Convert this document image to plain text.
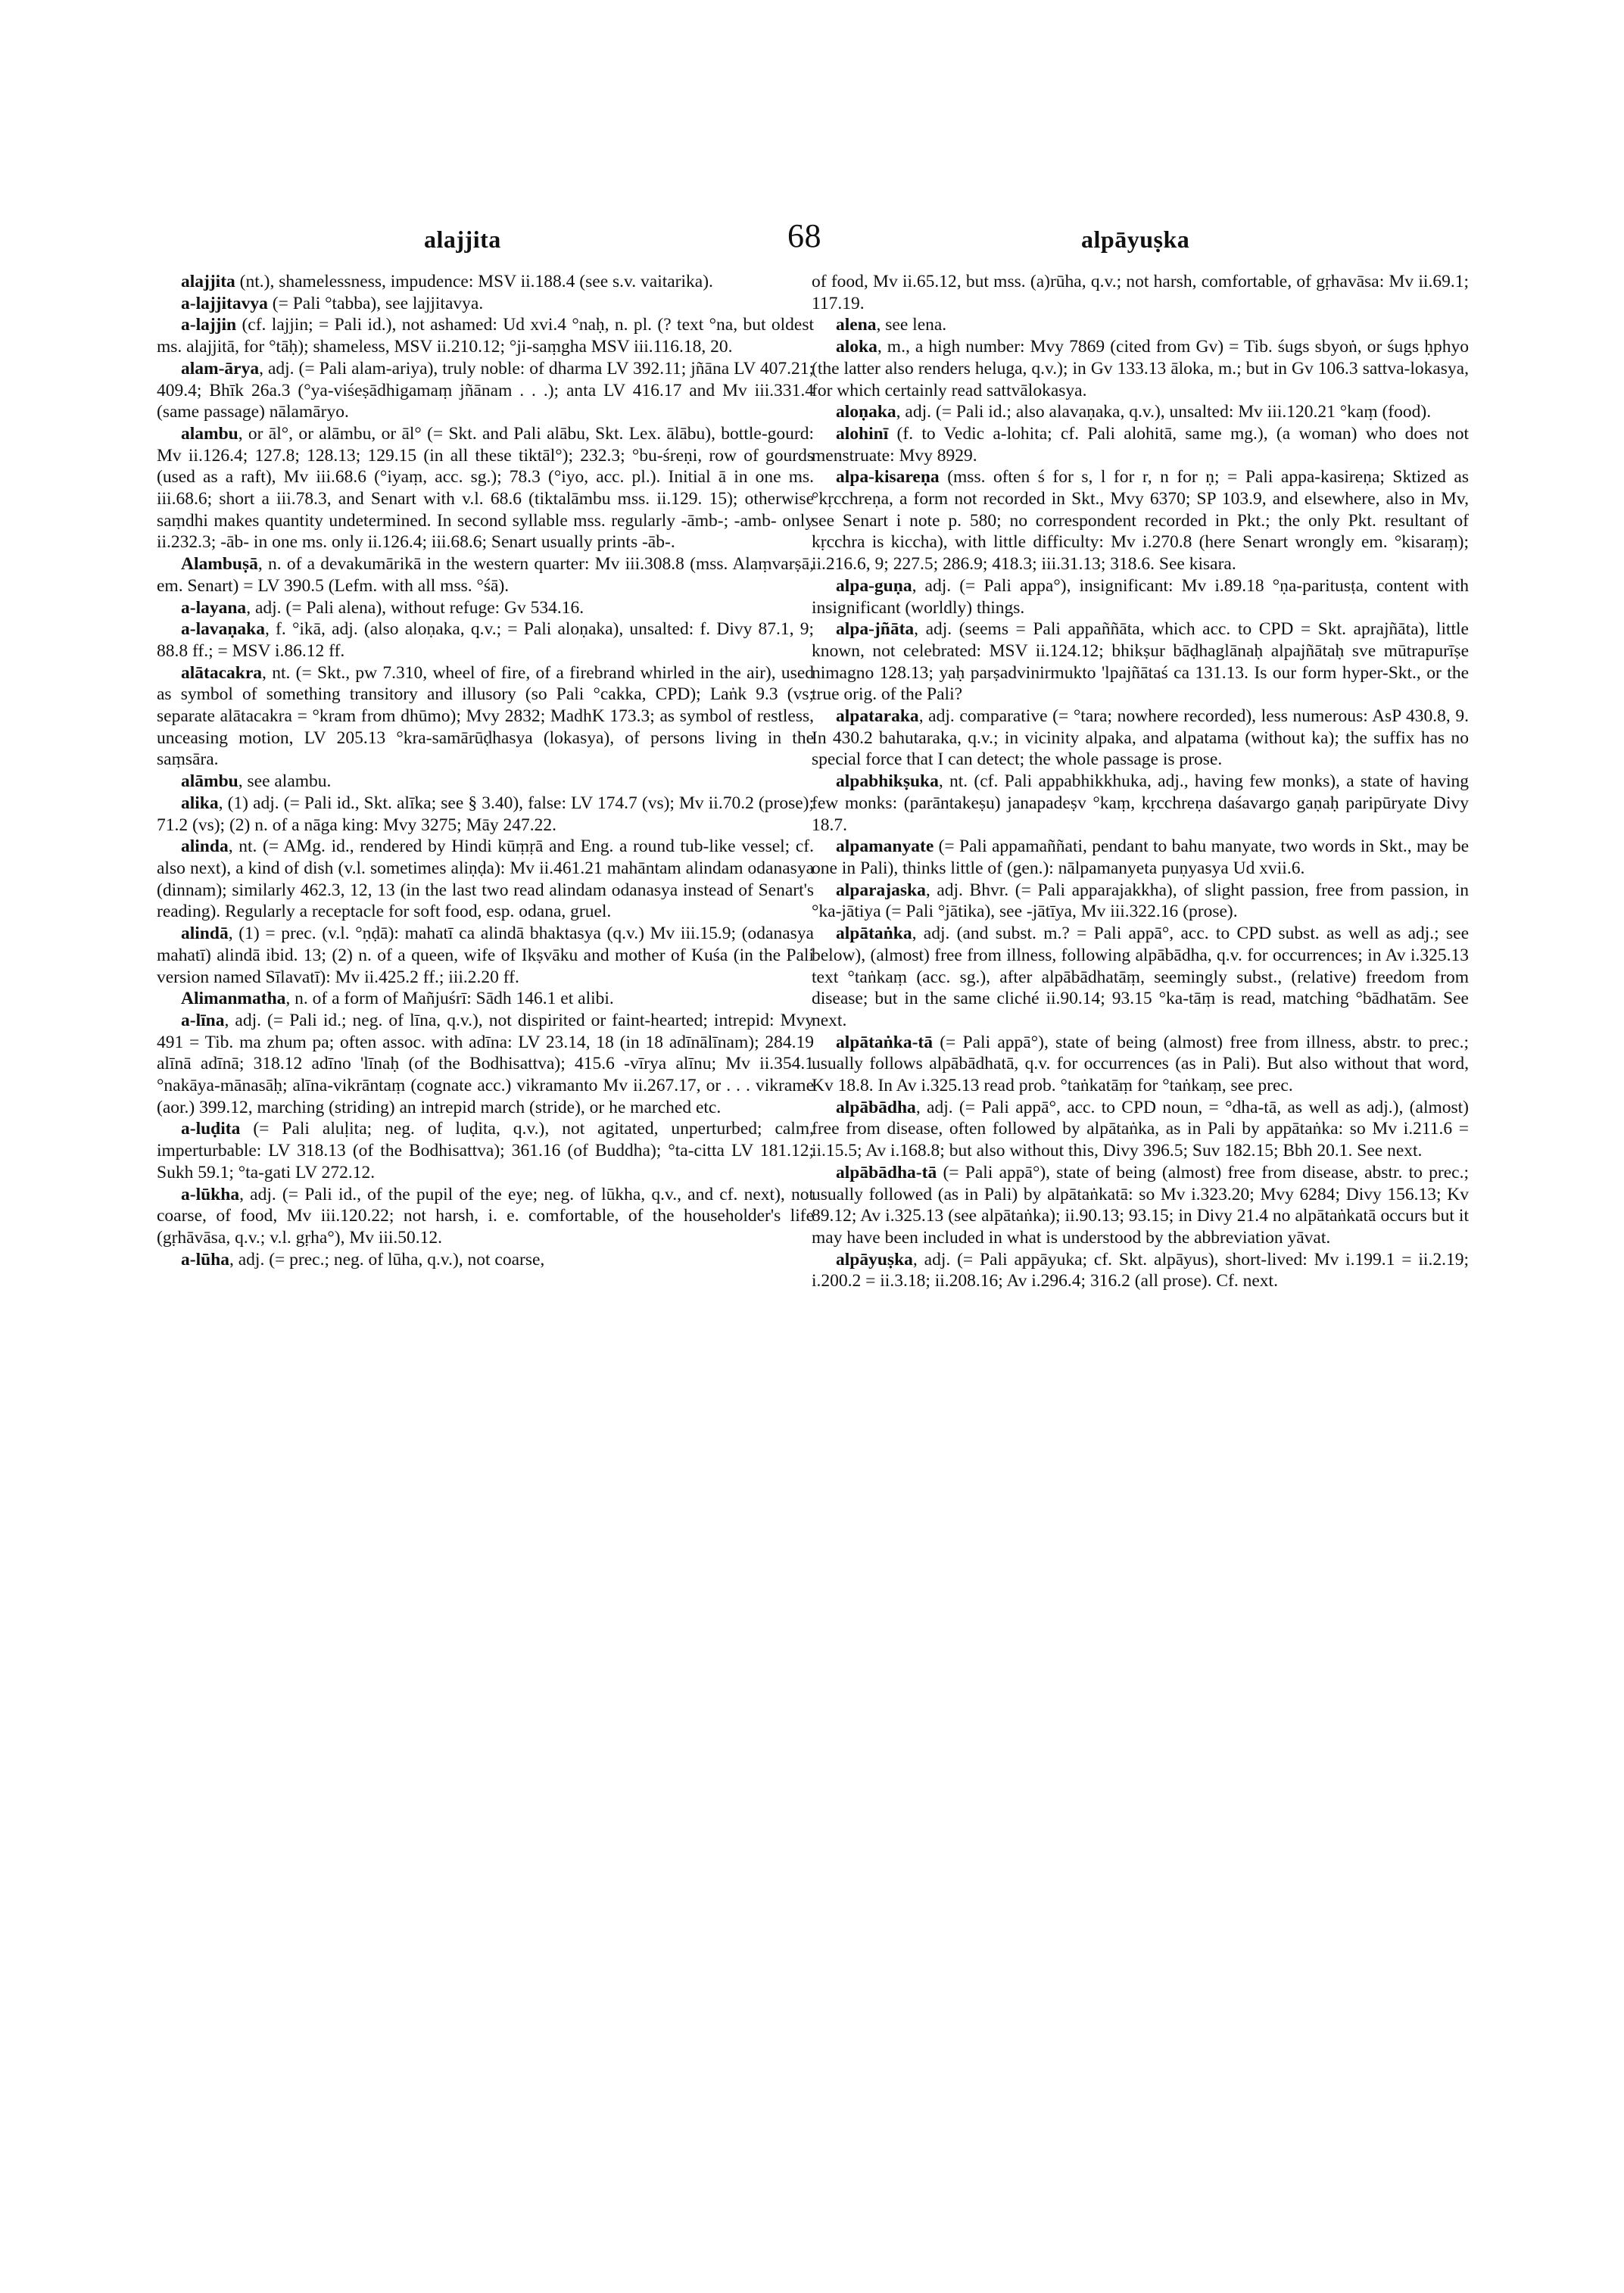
alajjita	68	alpāyuṣka

alajjita (nt.), shamelessness, impudence: MSV ii.188.4 (see s.v. vaitarika).

a-lajjitavya (= Pali °tabba), see lajjitavya.

a-lajjin (cf. lajjin; = Pali id.), not ashamed: Ud xvi.4 °naḥ, n. pl. (? text °na, but oldest ms. alajjitā, for °tāḥ); shameless, MSV ii.210.12; °ji-saṃgha MSV iii.116.18, 20.

alam-ārya, adj. (= Pali alam-ariya), truly noble: of dharma LV 392.11; jñāna LV 407.21; 409.4; Bhīk 26a.3 (°ya-viśeṣādhigamaṃ jñānam . . .); anta LV 416.17 and Mv iii.331.4 (same passage) nālamāryo.

alambu, or āl°, or alāmbu, or āl° (= Skt. and Pali alābu, Skt. Lex. ālābu), bottle-gourd: Mv ii.126.4; 127.8; 128.13; 129.15 (in all these tiktāl°); 232.3; °bu-śreṇi, row of gourds (used as a raft), Mv iii.68.6 (°iyaṃ, acc. sg.); 78.3 (°iyo, acc. pl.). Initial ā in one ms. iii.68.6; short a iii.78.3, and Senart with v.l. 68.6 (tiktalāmbu mss. ii.129. 15); otherwise saṃdhi makes quantity undetermined. In second syllable mss. regularly -āmb-; -amb- only ii.232.3; -āb- in one ms. only ii.126.4; iii.68.6; Senart usually prints -āb-.

Alambuṣā, n. of a devakumārikā in the western quarter: Mv iii.308.8 (mss. Alaṃvarṣā, em. Senart) = LV 390.5 (Lefm. with all mss. °śā).

a-layana, adj. (= Pali alena), without refuge: Gv 534.16.

a-lavaṇaka, f. °ikā, adj. (also aloṇaka, q.v.; = Pali aloṇaka), unsalted: f. Divy 87.1, 9; 88.8 ff.; = MSV i.86.12 ff.

alātacakra, nt. (= Skt., pw 7.310, wheel of fire, of a firebrand whirled in the air), used as symbol of something transitory and illusory (so Pali °cakka, CPD); Laṅk 9.3 (vs; separate alātacakra = °kram from dhūmo); Mvy 2832; MadhK 173.3; as symbol of restless, unceasing motion, LV 205.13 °kra-samārūḍhasya (lokasya), of persons living in the saṃsāra.

alāmbu, see alambu.

alika, (1) adj. (= Pali id., Skt. alīka; see § 3.40), false: LV 174.7 (vs); Mv ii.70.2 (prose); 71.2 (vs); (2) n. of a nāga king: Mvy 3275; Māy 247.22.

alinda, nt. (= AMg. id., rendered by Hindi kūṃṛā and Eng. a round tub-like vessel; cf. also next), a kind of dish (v.l. sometimes aliṇḍa): Mv ii.461.21 mahāntam alindam odanasya (dinnam); similarly 462.3, 12, 13 (in the last two read alindam odanasya instead of Senart's reading). Regularly a receptacle for soft food, esp. odana, gruel.

alindā, (1) = prec. (v.l. °ṇḍā): mahatī ca alindā bhaktasya (q.v.) Mv iii.15.9; (odanasya mahatī) alindā ibid. 13; (2) n. of a queen, wife of Ikṣvāku and mother of Kuśa (in the Pali version named Sīlavatī): Mv ii.425.2 ff.; iii.2.20 ff.

Alimanmatha, n. of a form of Mañjuśrī: Sādh 146.1 et alibi.

a-līna, adj. (= Pali id.; neg. of līna, q.v.), not dispirited or faint-hearted; intrepid: Mvy 491 = Tib. ma zhum pa; often assoc. with adīna: LV 23.14, 18 (in 18 adīnālīnam); 284.19 alīnā adīnā; 318.12 adīno 'līnaḥ (of the Bodhisattva); 415.6 -vīrya alīnu; Mv ii.354.1 °nakāya-mānasāḥ; alīna-vikrāntaṃ (cognate acc.) vikramanto Mv ii.267.17, or . . . vikrame (aor.) 399.12, marching (striding) an intrepid march (stride), or he marched etc.

a-luḍita (= Pali aluḷita; neg. of luḍita, q.v.), not agitated, unperturbed; calm, imperturbable: LV 318.13 (of the Bodhisattva); 361.16 (of Buddha); °ta-citta LV 181.12; Sukh 59.1; °ta-gati LV 272.12.

a-lūkha, adj. (= Pali id., of the pupil of the eye; neg. of lūkha, q.v., and cf. next), not coarse, of food, Mv iii.120.22; not harsh, i. e. comfortable, of the householder's life (gṛhāvāsa, q.v.; v.l. gṛha°), Mv iii.50.12.

a-lūha, adj. (= prec.; neg. of lūha, q.v.), not coarse,

of food, Mv ii.65.12, but mss. (a)rūha, q.v.; not harsh, comfortable, of gṛhavāsa: Mv ii.69.1; 117.19.

alena, see lena.

aloka, m., a high number: Mvy 7869 (cited from Gv) = Tib. śugs sbyoṅ, or śugs ḥphyo (the latter also renders heluga, q.v.); in Gv 133.13 āloka, m.; but in Gv 106.3 sattva-lokasya, for which certainly read sattvālokasya.

aloṇaka, adj. (= Pali id.; also alavaṇaka, q.v.), unsalted: Mv iii.120.21 °kaṃ (food).

alohinī (f. to Vedic a-lohita; cf. Pali alohitā, same mg.), (a woman) who does not menstruate: Mvy 8929.

alpa-kisareṇa (mss. often ś for s, l for r, n for ṇ; = Pali appa-kasireṇa; Sktized as °kṛcchreṇa, a form not recorded in Skt., Mvy 6370; SP 103.9, and elsewhere, also in Mv, see Senart i note p. 580; no correspondent recorded in Pkt.; the only Pkt. resultant of kṛcchra is kiccha), with little difficulty: Mv i.270.8 (here Senart wrongly em. °kisaraṃ); ii.216.6, 9; 227.5; 286.9; 418.3; iii.31.13; 318.6. See kisara.

alpa-guṇa, adj. (= Pali appa°), insignificant: Mv i.89.18 °ṇa-paritusṭa, content with insignificant (worldly) things.

alpa-jñāta, adj. (seems = Pali appaññāta, which acc. to CPD = Skt. aprajñāta), little known, not celebrated: MSV ii.124.12; bhikṣur bāḍhaglānaḥ alpajñātaḥ sve mūtrapurīṣe nimagno 128.13; yaḥ parṣadvinirmukto 'lpajñātaś ca 131.13. Is our form hyper-Skt., or the true orig. of the Pali?

alpataraka, adj. comparative (= °tara; nowhere recorded), less numerous: AsP 430.8, 9. In 430.2 bahutaraka, q.v.; in vicinity alpaka, and alpatama (without ka); the suffix has no special force that I can detect; the whole passage is prose.

alpabhikṣuka, nt. (cf. Pali appabhikkhuka, adj., having few monks), a state of having few monks: (parāntakeṣu) janapadeṣv °kaṃ, kṛcchreṇa daśavargo gaṇaḥ paripūryate Divy 18.7.

alpamanyate (= Pali appamaññati, pendant to bahu manyate, two words in Skt., may be one in Pali), thinks little of (gen.): nālpamanyeta puṇyasya Ud xvii.6.

alparajaska, adj. Bhvr. (= Pali apparajakkha), of slight passion, free from passion, in °ka-jātiya (= Pali °jātika), see -jātīya, Mv iii.322.16 (prose).

alpātaṅka, adj. (and subst. m.? = Pali appā°, acc. to CPD subst. as well as adj.; see below), (almost) free from illness, following alpābādha, q.v. for occurrences; in Av i.325.13 text °taṅkaṃ (acc. sg.), after alpābādhatāṃ, seemingly subst., (relative) freedom from disease; but in the same cliché ii.90.14; 93.15 °ka-tāṃ is read, matching °bādhatām. See next.

alpātaṅka-tā (= Pali appā°), state of being (almost) free from illness, abstr. to prec.; usually follows alpābādhatā, q.v. for occurrences (as in Pali). But also without that word, Kv 18.8. In Av i.325.13 read prob. °taṅkatāṃ for °taṅkaṃ, see prec.

alpābādha, adj. (= Pali appā°, acc. to CPD noun, = °dha-tā, as well as adj.), (almost) free from disease, often followed by alpātaṅka, as in Pali by appātaṅka: so Mv i.211.6 = ii.15.5; Av i.168.8; but also without this, Divy 396.5; Suv 182.15; Bbh 20.1. See next.

alpābādha-tā (= Pali appā°), state of being (almost) free from disease, abstr. to prec.; usually followed (as in Pali) by alpātaṅkatā: so Mv i.323.20; Mvy 6284; Divy 156.13; Kv 89.12; Av i.325.13 (see alpātaṅka); ii.90.13; 93.15; in Divy 21.4 no alpātaṅkatā occurs but it may have been included in what is understood by the abbreviation yāvat.

alpāyuṣka, adj. (= Pali appāyuka; cf. Skt. alpāyus), short-lived: Mv i.199.1 = ii.2.19; i.200.2 = ii.3.18; ii.208.16; Av i.296.4; 316.2 (all prose). Cf. next.
